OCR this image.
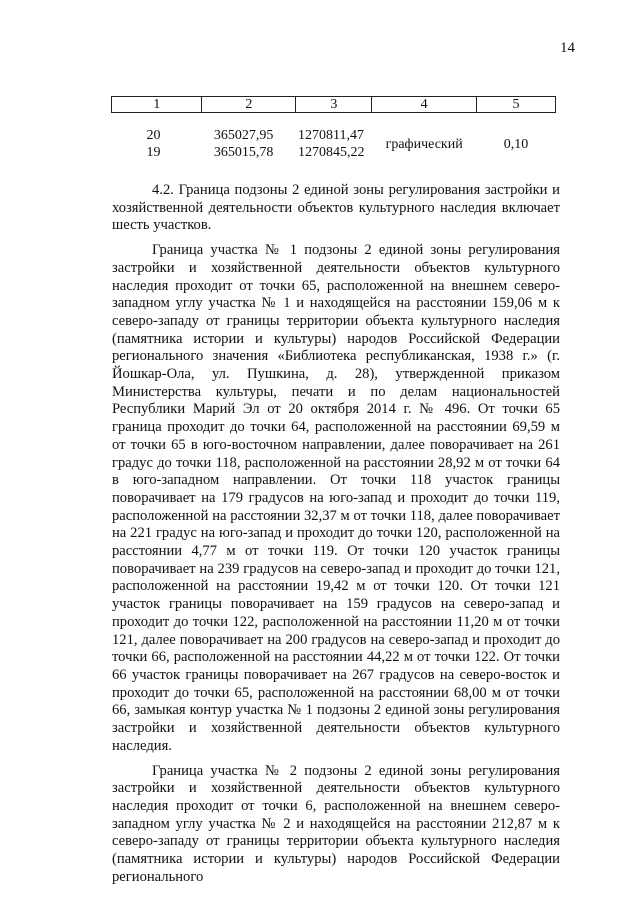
14
1	2	3	4	5

20	365027,95	1270811,47	графический	0,10
19	365015,78	1270845,22		

4.2. Граница подзоны 2 единой зоны регулирования застройки и хозяйственной деятельности объектов культурного наследия включает шесть участков.

Граница участка № 1 подзоны 2 единой зоны регулирования застройки и хозяйственной деятельности объектов культурного наследия проходит от точки 65, расположенной на внешнем северо-западном углу участка № 1 и находящейся на расстоянии 159,06 м к северо-западу от границы территории объекта культурного наследия (памятника истории и культуры) народов Российской Федерации регионального значения «Библиотека республиканская, 1938 г.» (г. Йошкар-Ола, ул. Пушкина, д. 28), утвержденной приказом Министерства культуры, печати и по делам национальностей Республики Марий Эл от 20 октября 2014 г. № 496. От точки 65 граница проходит до точки 64, расположенной на расстоянии 69,59 м от точки 65 в юго-восточном направлении, далее поворачивает на 261 градус до точки 118, расположенной на расстоянии 28,92 м от точки 64 в юго-западном направлении. От точки 118 участок границы поворачивает на 179 градусов на юго-запад и проходит до точки 119, расположенной на расстоянии 32,37 м от точки 118, далее поворачивает на 221 градус на юго-запад и проходит до точки 120, расположенной на расстоянии 4,77 м от точки 119. От точки 120 участок границы поворачивает на 239 градусов на северо-запад и проходит до точки 121, расположенной на расстоянии 19,42 м от точки 120. От точки 121 участок границы поворачивает на 159 градусов на северо-запад и проходит до точки 122, расположенной на расстоянии 11,20 м от точки 121, далее поворачивает на 200 градусов на северо-запад и проходит до точки 66, расположенной на расстоянии 44,22 м от точки 122. От точки 66 участок границы поворачивает на 267 градусов на северо-восток и проходит до точки 65, расположенной на расстоянии 68,00 м от точки 66, замыкая контур участка № 1 подзоны 2 единой зоны регулирования застройки и хозяйственной деятельности объектов культурного наследия.

Граница участка № 2 подзоны 2 единой зоны регулирования застройки и хозяйственной деятельности объектов культурного наследия проходит от точки 6, расположенной на внешнем северо-западном углу участка № 2 и находящейся на расстоянии 212,87 м к северо-западу от границы территории объекта культурного наследия (памятника истории и культуры) народов Российской Федерации регионального
